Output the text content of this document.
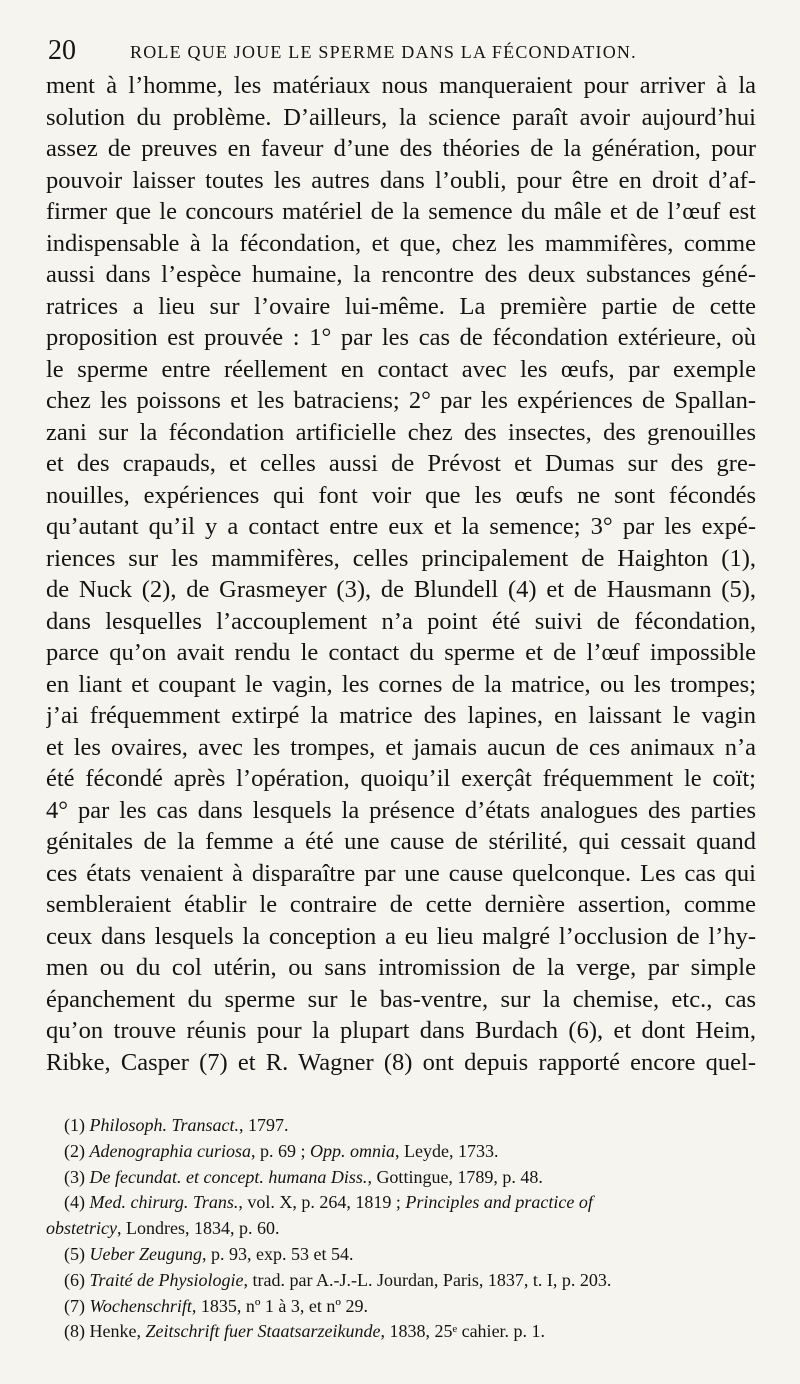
20	ROLE QUE JOUE LE SPERME DANS LA FÉCONDATION.
ment à l’homme, les matériaux nous manqueraient pour arriver à la
solution du problème. D’ailleurs, la science paraît avoir aujourd’hui
assez de preuves en faveur d’une des théories de la génération, pour
pouvoir laisser toutes les autres dans l’oubli, pour être en droit d’af-
firmer que le concours matériel de la semence du mâle et de l’œuf est
indispensable à la fécondation, et que, chez les mammifères, comme
aussi dans l’espèce humaine, la rencontre des deux substances géné-
ratrices a lieu sur l’ovaire lui-même. La première partie de cette
proposition est prouvée : 1° par les cas de fécondation extérieure, où
le sperme entre réellement en contact avec les œufs, par exemple
chez les poissons et les batraciens; 2° par les expériences de Spallan-
zani sur la fécondation artificielle chez des insectes, des grenouilles
et des crapauds, et celles aussi de Prévost et Dumas sur des gre-
nouilles, expériences qui font voir que les œufs ne sont fécondés
qu’autant qu’il y a contact entre eux et la semence; 3° par les expé-
riences sur les mammifères, celles principalement de Haighton (1),
de Nuck (2), de Grasmeyer (3), de Blundell (4) et de Hausmann (5),
dans lesquelles l’accouplement n’a point été suivi de fécondation,
parce qu’on avait rendu le contact du sperme et de l’œuf impossible
en liant et coupant le vagin, les cornes de la matrice, ou les trompes;
j’ai fréquemment extirpé la matrice des lapines, en laissant le vagin
et les ovaires, avec les trompes, et jamais aucun de ces animaux n’a
été fécondé après l’opération, quoiqu’il exerçât fréquemment le coït;
4° par les cas dans lesquels la présence d’états analogues des parties
génitales de la femme a été une cause de stérilité, qui cessait quand
ces états venaient à disparaître par une cause quelconque. Les cas qui
sembleraient établir le contraire de cette dernière assertion, comme
ceux dans lesquels la conception a eu lieu malgré l’occlusion de l’hy-
men ou du col utérin, ou sans intromission de la verge, par simple
épanchement du sperme sur le bas-ventre, sur la chemise, etc., cas
qu’on trouve réunis pour la plupart dans Burdach (6), et dont Heim,
Ribke, Casper (7) et R. Wagner (8) ont depuis rapporté encore quel-
(1) Philosoph. Transact., 1797.
(2) Adenographia curiosa, p. 69 ; Opp. omnia, Leyde, 1733.
(3) De fecundat. et concept. humana Diss., Gottingue, 1789, p. 48.
(4) Med. chirurg. Trans., vol. X, p. 264, 1819 ; Principles and practice of
obstetricy, Londres, 1834, p. 60.
(5) Ueber Zeugung, p. 93, exp. 53 et 54.
(6) Traité de Physiologie, trad. par A.-J.-L. Jourdan, Paris, 1837, t. I, p. 203.
(7) Wochenschrift, 1835, nº 1 à 3, et nº 29.
(8) Henke, Zeitschrift fuer Staatsarzeikunde, 1838, 25ᵉ cahier. p. 1.
